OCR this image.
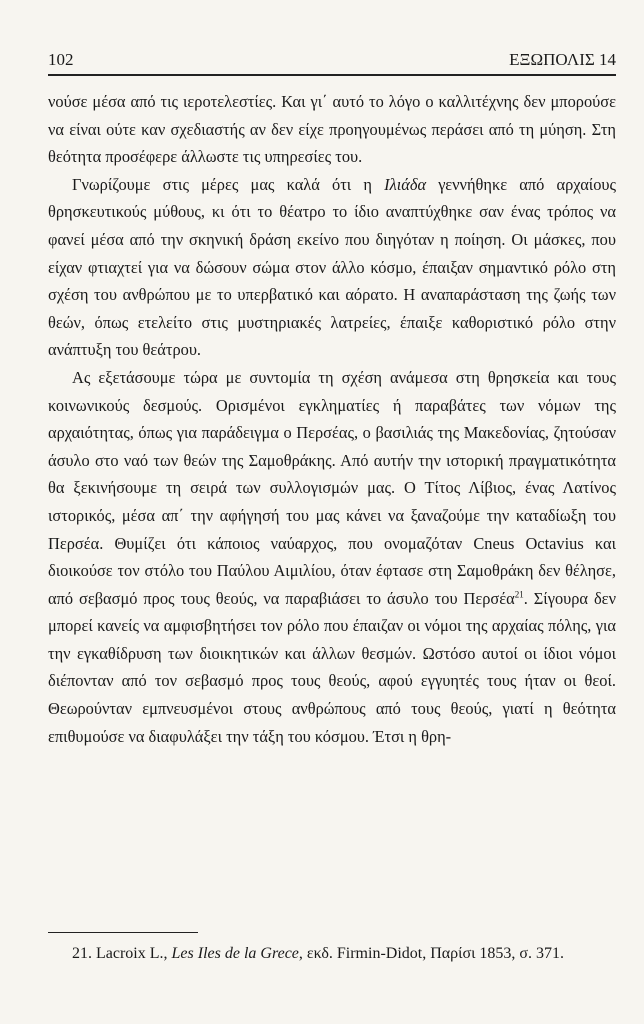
102	ΕΞΩΠΟΛΙΣ 14

νούσε μέσα από τις ιεροτελεστίες. Και γι΄ αυτό το λόγο ο καλλιτέχνης δεν μπορούσε να είναι ούτε καν σχεδιαστής αν δεν είχε προηγουμένως περάσει από τη μύηση. Στη θεότητα προσέφερε άλλωστε τις υπηρεσίες του.

Γνωρίζουμε στις μέρες μας καλά ότι η Ιλιάδα γεννήθηκε από αρχαίους θρησκευτικούς μύθους, κι ότι το θέατρο το ίδιο αναπτύχθηκε σαν ένας τρόπος να φανεί μέσα από την σκηνική δράση εκείνο που διηγόταν η ποίηση. Οι μάσκες, που είχαν φτιαχτεί για να δώσουν σώμα στον άλλο κόσμο, έπαιξαν σημαντικό ρόλο στη σχέση του ανθρώπου με το υπερβατικό και αόρατο. Η αναπαράσταση της ζωής των θεών, όπως ετελείτο στις μυστηριακές λατρείες, έπαιξε καθοριστικό ρόλο στην ανάπτυξη του θεάτρου.

Ας εξετάσουμε τώρα με συντομία τη σχέση ανάμεσα στη θρησκεία και τους κοινωνικούς δεσμούς. Ορισμένοι εγκληματίες ή παραβάτες των νόμων της αρχαιότητας, όπως για παράδειγμα ο Περσέας, ο βασιλιάς της Μακεδονίας, ζητούσαν άσυλο στο ναό των θεών της Σαμοθράκης. Από αυτήν την ιστορική πραγματικότητα θα ξεκινήσουμε τη σειρά των συλλογισμών μας. Ο Τίτος Λίβιος, ένας Λατίνος ιστορικός, μέσα απ΄ την αφήγησή του μας κάνει να ξαναζούμε την καταδίωξη του Περσέα. Θυμίζει ότι κάποιος ναύαρχος, που ονομαζόταν Cneus Octavius και διοικούσε τον στόλο του Παύλου Αιμιλίου, όταν έφτασε στη Σαμοθράκη δεν θέλησε, από σεβασμό προς τους θεούς, να παραβιάσει το άσυλο του Περσέα$^{21}$. Σίγουρα δεν μπορεί κανείς να αμφισβητήσει τον ρόλο που έπαιζαν οι νόμοι της αρχαίας πόλης, για την εγκαθίδρυση των διοικητικών και άλλων θεσμών. Ωστόσο αυτοί οι ίδιοι νόμοι διέπονταν από τον σεβασμό προς τους θεούς, αφού εγγυητές τους ήταν οι θεοί. Θεωρούνταν εμπνευσμένοι στους ανθρώπους από τους θεούς, γιατί η θεότητα επιθυμούσε να διαφυλάξει την τάξη του κόσμου. Έτσι η θρη-

21. Lacroix L., Les Iles de la Grece, εκδ. Firmin-Didot, Παρίσι 1853, σ. 371.
